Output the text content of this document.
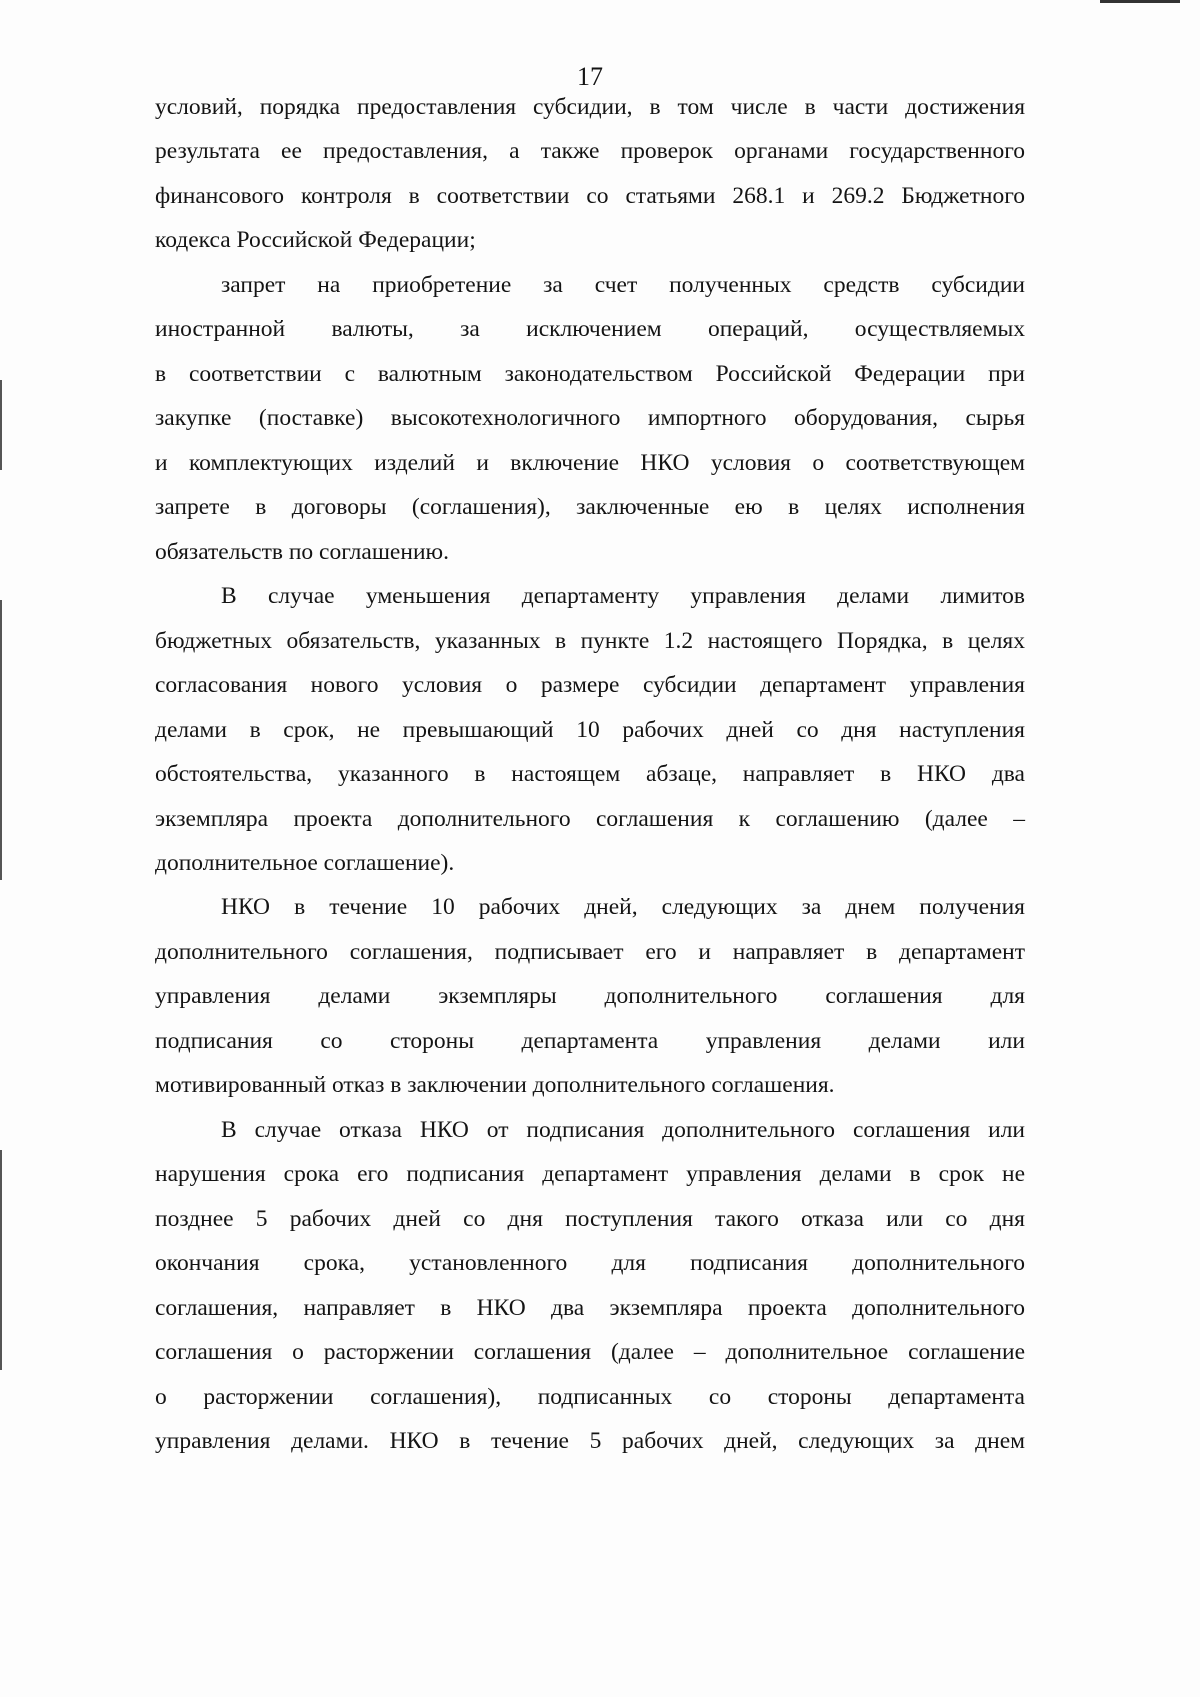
17
условий, порядка предоставления субсидии, в том числе в части достижения
результата ее предоставления, а также проверок органами государственного
финансового контроля в соответствии со статьями 268.1 и 269.2 Бюджетного
кодекса Российской Федерации;
запрет на приобретение за счет полученных средств субсидии
иностранной валюты, за исключением операций, осуществляемых
в соответствии с валютным законодательством Российской Федерации при
закупке (поставке) высокотехнологичного импортного оборудования, сырья
и комплектующих изделий и включение НКО условия о соответствующем
запрете в договоры (соглашения), заключенные ею в целях исполнения
обязательств по соглашению.
В случае уменьшения департаменту управления делами лимитов
бюджетных обязательств, указанных в пункте 1.2 настоящего Порядка, в целях
согласования нового условия о размере субсидии департамент управления
делами в срок, не превышающий 10 рабочих дней со дня наступления
обстоятельства, указанного в настоящем абзаце, направляет в НКО два
экземпляра проекта дополнительного соглашения к соглашению (далее –
дополнительное соглашение).
НКО в течение 10 рабочих дней, следующих за днем получения
дополнительного соглашения, подписывает его и направляет в департамент
управления делами экземпляры дополнительного соглашения для
подписания со стороны департамента управления делами или
мотивированный отказ в заключении дополнительного соглашения.
В случае отказа НКО от подписания дополнительного соглашения или
нарушения срока его подписания департамент управления делами в срок не
позднее 5 рабочих дней со дня поступления такого отказа или со дня
окончания срока, установленного для подписания дополнительного
соглашения, направляет в НКО два экземпляра проекта дополнительного
соглашения о расторжении соглашения (далее – дополнительное соглашение
о расторжении соглашения), подписанных со стороны департамента
управления делами. НКО в течение 5 рабочих дней, следующих за днем
